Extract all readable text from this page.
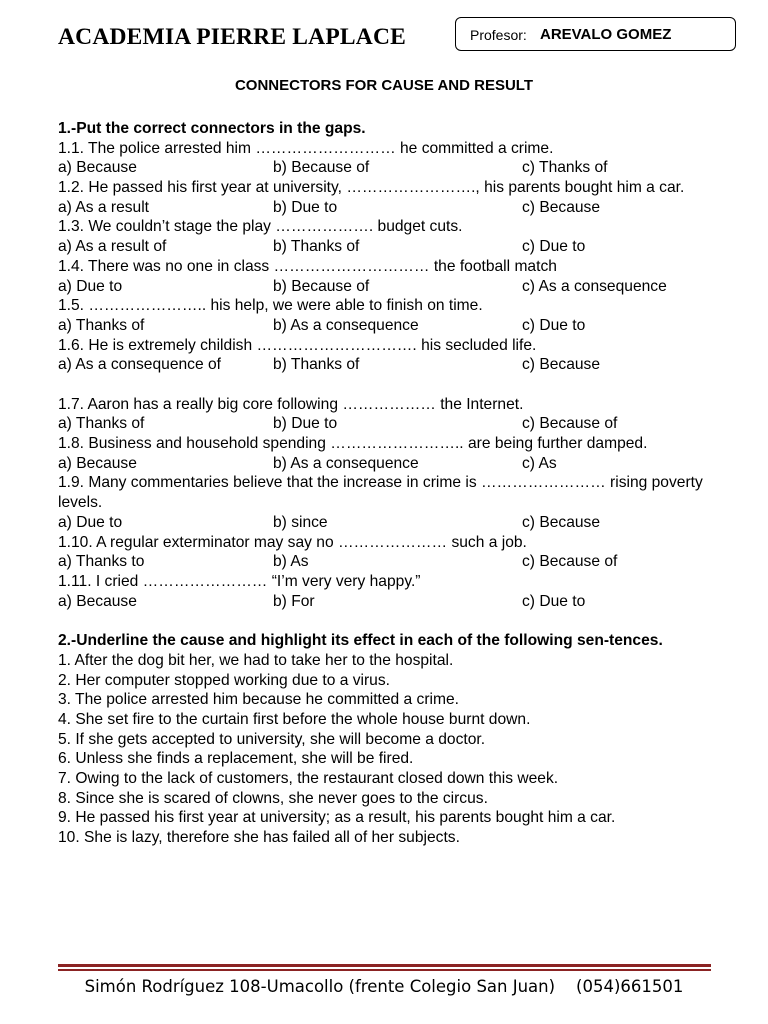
ACADEMIA PIERRE LAPLACE	Profesor: AREVALO GOMEZ
CONNECTORS FOR CAUSE AND RESULT
1.-Put the correct connectors in the gaps.
1.1. The police arrested him ……………………… he committed a crime.
a) Because	b) Because of	c) Thanks of
1.2. He passed his first year at university, ……………………., his parents bought him a car.
a) As a result	b) Due to	c) Because
1.3. We couldn’t stage the play ………………. budget cuts.
a) As a result of	b) Thanks of	c) Due to
1.4. There was no one in class ………………………… the football match
a) Due to	b) Because of	c) As a consequence
1.5. ………………….. his help, we were able to finish on time.
a) Thanks of	b) As a consequence	c) Due to
1.6. He is extremely childish …………………………. his secluded life.
a) As a consequence of	b) Thanks of	c) Because
1.7. Aaron has a really big core following ……………… the Internet.
a) Thanks of	b) Due to	c) Because of
1.8. Business and household spending …………………….. are being further damped.
a) Because	b) As a consequence	c) As
1.9. Many commentaries believe that the increase in crime is …………………… rising poverty levels.
a) Due to	b) since	c) Because
1.10. A regular exterminator may say no ………………… such a job.
a) Thanks to	b) As	c) Because of
1.11. I cried …………………… “I’m very very happy.”
a) Because	b) For	c) Due to
2.-Underline the cause and highlight its effect in each of the following sen-tences.
1. After the dog bit her, we had to take her to the hospital.
2. Her computer stopped working due to a virus.
3. The police arrested him because he committed a crime.
4. She set fire to the curtain first before the whole house burnt down.
5. If she gets accepted to university, she will become a doctor.
6. Unless she finds a replacement, she will be fired.
7. Owing to the lack of customers, the restaurant closed down this week.
8. Since she is scared of clowns, she never goes to the circus.
9. He passed his first year at university; as a result, his parents bought him a car.
10. She is lazy, therefore she has failed all of her subjects.
Simón Rodríguez 108-Umacollo (frente Colegio San Juan) (054)661501
